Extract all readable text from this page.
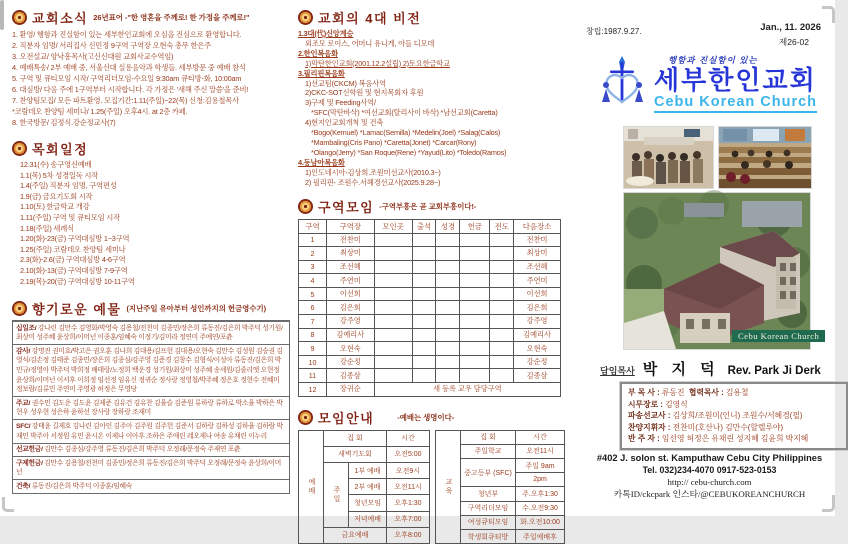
교회소식 26년표어 -"한 영혼을 주께로! 한 가정을 주께로!"
1. 환영/ 행함과 진실함이 있는 세부한인교회에 오심을 진심으로 환영합니다.
2. 직분자 임명/ 서리집사 신민정 9구역 구역장 오현숙 총무 한은주
3. 오전설교/ 양낙흥목사(고신신대원 교회사교수역임)
4. 예배특송/ 2부 예배 중, 서울신대 실용음악과 학생들. 세부방문 중 예배 참석
5. 구역 및 큐티모임 시작/ 구역리더모임-수요일 9:30am 큐티방-화, 10:00am
6. 대심방/ 다음 주에 1구역부터 시작합니다. 각 가정은 '새해 주신 말씀'을 준비!
7. 찬양팀모집/ 모든 파트환영. 모집기간:1.11(주일)~22(목) 신청:김용철목사
*코람데오 찬양팀 세미나/ 1.25(주일) 오후4시. at 2층 카페.
8. 한국방문/ 김정식.강순정교사(7)
목회일정
12.31(수) 송구영신예배
1.1(목) 5차 성경일독 시작
1.4(주일) 직분자 임명, 구역편성
1.9(금) 금요기도회 시작
1.10(토) 한글학교 개강
1.11(주일) 구역 및 큐티모임 시작
1.18(주일) 세례식
1.20(화)-23(금) 구역대심방 1~3구역
1.25(주일) 코람데오 찬양팀 세미나
2.3(화)-2.6(금) 구역대심방 4-6구역
2.10(화)-13(금) 구역대심방 7-9구역
2.19(목)-20(금) 구역대심방 10-11구역
향기로운 예물 (지난주일 유아부터 성인까지의 헌금영수기)
십일조/ 강나린 김만수 김영화/박영숙 김용철/전천미 김종민/장은희 류동진/김은희 박주덕 성기원/최상미 성주혜 윤상희/이머넌 이종훈/임혜숙 이정기/김미라 정연미 주예연/포츈
감사/ 강명진 권미호/박고은 권오훈 김나희 김대용/김프헌 김대용/오현숙 김만수 김성원 김승권 김영식/김손정 김태준 김종민/장은희 김종심/강주영 김준경 김창수 김형식/이성아 류동진/김은희 박민규/정영아 박주덕 박희정 배태랑/노정희 백운경 성기원/최상미 성주혜 송세원/김줄리엣 오현정 윤상희/이머넌 이서후 이희정 임선정 임유신 정귀순 정사랑 정영철/박주혜 정은호 정현수 전혜미 정보람/김류민 주연미 주영광 허정은 무영당
주교/ 권수민 김도운 김도윤 김제준 김유건 김유찬 김율슬 김준원 류하랑 류하로 박소율 박하은 박현우 성우현 성은하 윤하선 장사랑 장하랑 조재미
SFC/ 강태윤 길제호 김나린 김아인 김주아 김주원 김주헌 김준서 김하랑 김하성 김하율 김하람 박재민 박주아 서정원 유민 윤시온 이제나 이아후 조하은 주애린 레오제나 여송 유채린 이누리
선교헌금/ 김만수 김종심/강주영 류동진/김은희 박주덕 오정래/문정숙 주재연 포츈
구제헌금/ 김만수 김용철/전천미 김종민/정은희 류동진/김은희 박주덕 오정래/문정숙 윤상희/이머넌
건축/ 류동진/김은희 박주덕 이종훈/임혜숙
교회의 4대 비전
1.3대(代)신앙계승
외조모 로이스, 어머니 유니게, 아들 디모데
2.한인복음화
1)막탄한인교회(2001.12.2설립) 2)토요한글학교
3.필리핀복음화
1)선교팀(CKCM) 복음사역
2)CKC-SOT신학원 및 현지목회자 후원
3)구제 및 Feeding사역/
*SFC(막탄바삭) *여선교회(탈리사이 바삭) *남선교회(Caretta)
4)현지인교회개척 및 건축
*Bogo(Kemuel) *Lamac(Semilla) *Medelin(Joel) *Salag(Calos)
*Mambaling(Cris Pano) *Caretta(Jonet) *Carcar(Rony)
*Olango(Jerry) *San Roque(Rene) *Yayud(Lito) *Toledo(Ramos)
4.동남아복음화
1)인도네시아-김상희.조원미선교사(2010.3~)
2) 필리핀- 조원수.서혜경선교사(2025.9.28~)
구역모임 -구역부흥은 곧 교회부흥이다!-
구역	구역장	모인곳	출석	성경	헌금	전도	다음장소
1	전찬미						전찬미
2	최상미						최상미
3	조선혜						조선혜
4	주연미						주연미
5	이선희						이선희
6	김은희						김은희
7	강주영						강주영
8	김예리사						김예리사
9	오현숙						오현숙
10	강순정						강순정
11	김종삼						김종삼
12	장귀순	새 등록 교우 담당구역					
모임안내	-예배는 생명이다-
예배	집 회		시간
	새벽기도회		오전5:00
	주일	1부 예배	오전9시
		2부 예배	오전11시
		청년모임	오후1:30
		저녁예배	오후7:00
	금요예배		오후8:00
교육	집 회	시간
	주일학교	오전11시
	중고등부 (SFC)	주일 9am
		2pm
	청년부	주.오후1:30
	구역리더모임	수.오전9:30
	여성큐티모임	화.오전10:00
	학생회큐티방	주일예배후
창립:1987.9.27.	Jan., 11. 2026
제26-02
행함과 진실함이 있는
세부한인교회
Cebu Korean Church
Cebu Korean Church
담임목사 박 지 덕 Rev. Park Ji Derk
부 목 사 : 류동진 협력목사 : 김용철
시무장로 : 김영식
파송선교사 : 김상희/조원미(인니) 조원수/서혜경(필)
찬양지휘자 : 전찬미(호산나) 김만수(할렐루야)
반 주 자 : 임선영 허정은 유채린 성지혜 김윤희 박지혜
#402 J. solon st. Kamputhaw Cebu City Philippines
Tel. 032)234-4070 0917-523-0153
http:// cebu-church.com
카톡ID/ckcpark 인스타/@CEBUKOREANCHURCH
